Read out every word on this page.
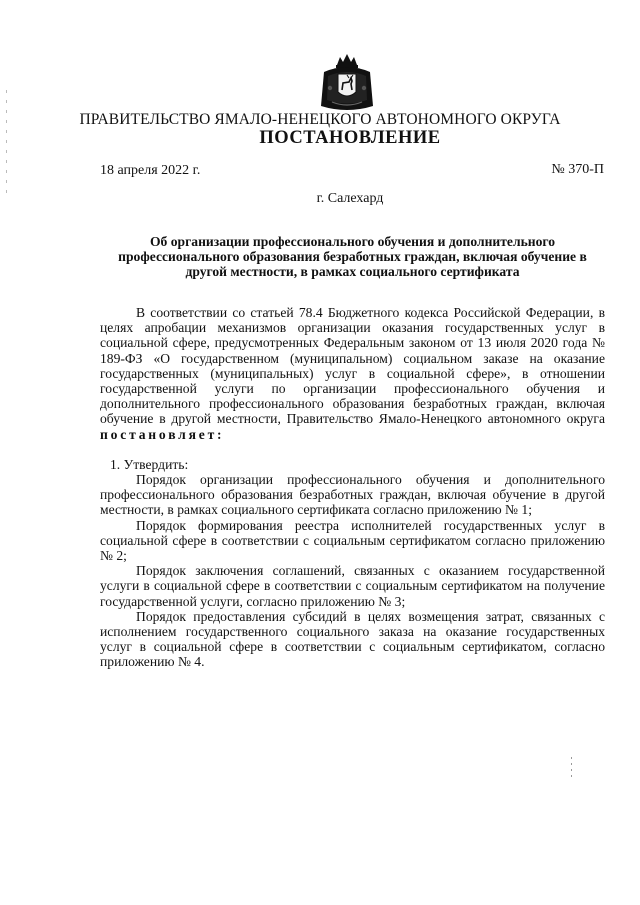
ПРАВИТЕЛЬСТВО ЯМАЛО-НЕНЕЦКОГО АВТОНОМНОГО ОКРУГА
ПОСТАНОВЛЕНИЕ
18 апреля 2022 г.	№ 370-П
г. Салехард
Об организации профессионального обучения и дополнительного профессионального образования безработных граждан, включая обучение в другой местности, в рамках социального сертификата

В соответствии со статьей 78.4 Бюджетного кодекса Российской Федерации, в целях апробации механизмов организации оказания государственных услуг в социальной сфере, предусмотренных Федеральным законом от 13 июля 2020 года № 189-ФЗ «О государственном (муниципальном) социальном заказе на оказание государственных (муниципальных) услуг в социальной сфере», в отношении государственной услуги по организации профессионального обучения и дополнительного профессионального образования безработных граждан, включая обучение в другой местности, Правительство Ямало-Ненецкого автономного округа постановляет:

1. Утвердить:

Порядок организации профессионального обучения и дополнительного профессионального образования безработных граждан, включая обучение в другой местности, в рамках социального сертификата согласно приложению № 1;

Порядок формирования реестра исполнителей государственных услуг в социальной сфере в соответствии с социальным сертификатом согласно приложению № 2;

Порядок заключения соглашений, связанных с оказанием государственной услуги в социальной сфере в соответствии с социальным сертификатом на получение государственной услуги, согласно приложению № 3;

Порядок предоставления субсидий в целях возмещения затрат, связанных с исполнением государственного социального заказа на оказание государственных услуг в социальной сфере в соответствии с социальным сертификатом, согласно приложению № 4.
